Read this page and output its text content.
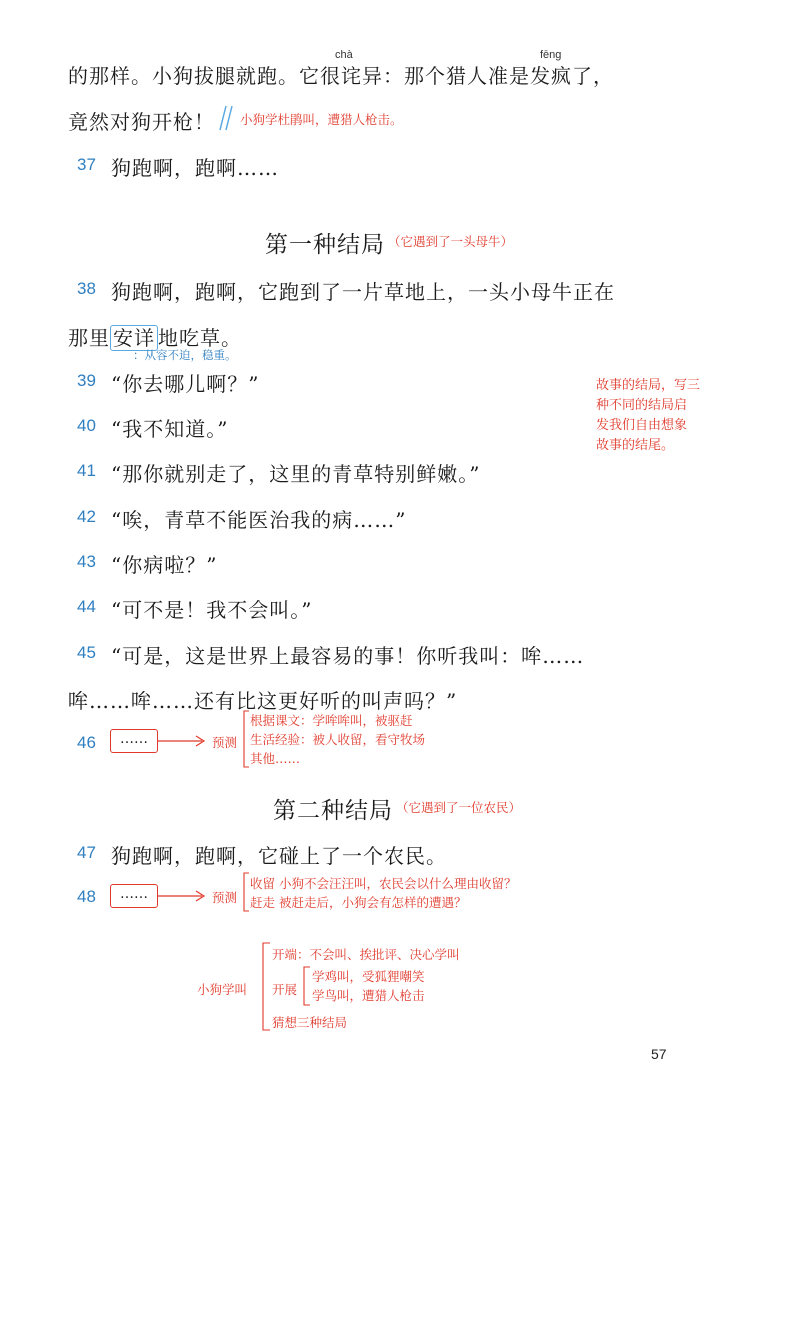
chà	fēng
的那样。小狗拔腿就跑。它很诧异：那个猎人准是发疯了，
竟然对狗开枪！ 小狗学杜鹃叫，遭猎人枪击。
37 狗跑啊，跑啊……
第一种结局 （它遇到了一头母牛）
38 狗跑啊，跑啊，它跑到了一片草地上，一头小母牛正在
那里 安详 地吃草。
：从容不迫，稳重。
故事的结局，写三
种不同的结局启
发我们自由想象
故事的结尾。
39 “你去哪儿啊？”
40 “我不知道。”
41 “那你就别走了，这里的青草特别鲜嫩。”
42 “唉，青草不能医治我的病……”
43 “你病啦？”
44 “可不是！我不会叫。”
45 “可是，这是世界上最容易的事！你听我叫：哞……
哞……哞……还有比这更好听的叫声吗？”
46	……	预测
根据课文：学哞哞叫，被驱赶
生活经验：被人收留，看守牧场
其他……
第二种结局 （它遇到了一位农民）
47 狗跑啊，跑啊，它碰上了一个农民。
48	……	预测
收留 小狗不会汪汪叫，农民会以什么理由收留？
赶走 被赶走后，小狗会有怎样的遭遇？
小狗学叫
开端：不会叫、挨批评、决心学叫
开展
学鸡叫，受狐狸嘲笑
学鸟叫，遭猎人枪击
猜想三种结局
57
